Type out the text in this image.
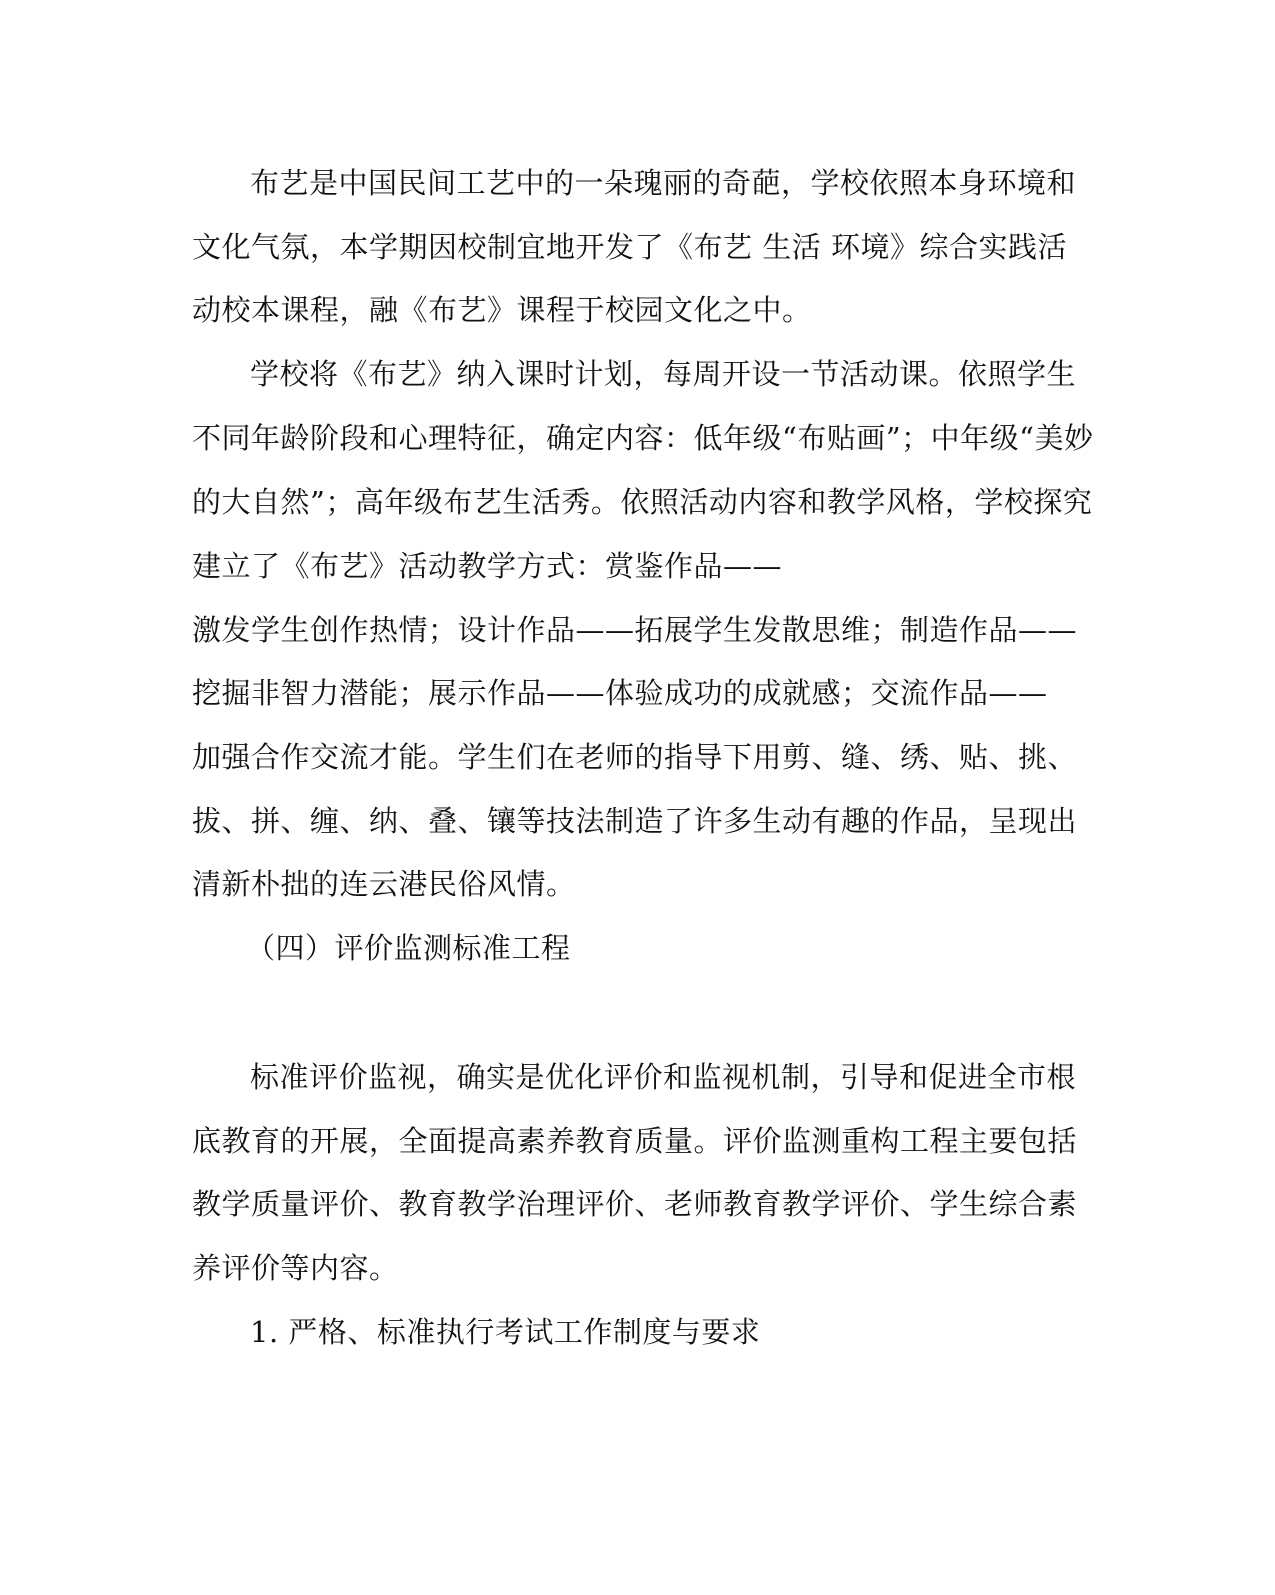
布艺是中国民间工艺中的一朵瑰丽的奇葩，学校依照本身环境和
文化气氛，本学期因校制宜地开发了《布艺 生活 环境》综合实践活
动校本课程，融《布艺》课程于校园文化之中。
学校将《布艺》纳入课时计划，每周开设一节活动课。依照学生
不同年龄阶段和心理特征，确定内容：低年级“布贴画”；中年级“美妙
的大自然”；高年级布艺生活秀。依照活动内容和教学风格，学校探究
建立了《布艺》活动教学方式：赏鉴作品——
激发学生创作热情；设计作品——拓展学生发散思维；制造作品——
挖掘非智力潜能；展示作品——体验成功的成就感；交流作品——
加强合作交流才能。学生们在老师的指导下用剪、缝、绣、贴、挑、
拔、拼、缠、纳、叠、镶等技法制造了许多生动有趣的作品，呈现出
清新朴拙的连云港民俗风情。
（四）评价监测标准工程
标准评价监视，确实是优化评价和监视机制，引导和促进全市根
底教育的开展，全面提高素养教育质量。评价监测重构工程主要包括
教学质量评价、教育教学治理评价、老师教育教学评价、学生综合素
养评价等内容。
1. 严格、标准执行考试工作制度与要求
